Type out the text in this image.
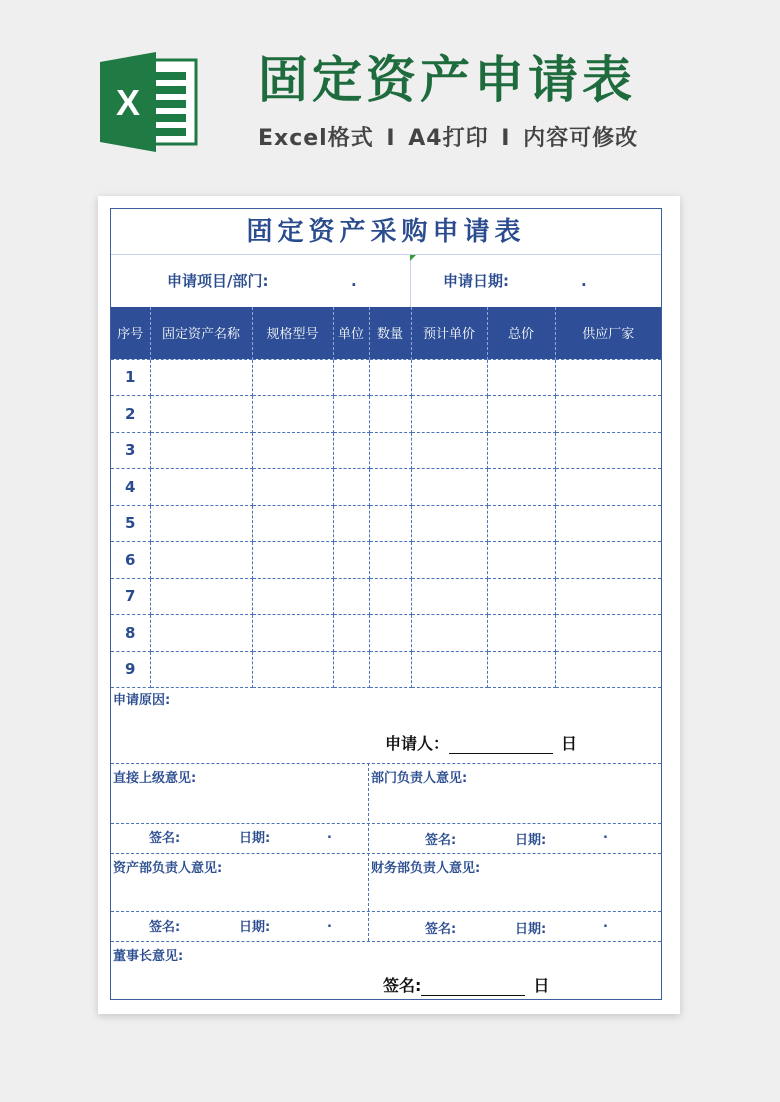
X 固定资产申请表
Excel格式 I A4打印 I 内容可修改
固定资产采购申请表
申请项目/部门:	.	申请日期:	.
序号	固定资产名称	规格型号	单位	数量	预计单价	总价	供应厂家
1							
2							
3							
4							
5							
6							
7							
8							
9							
申请原因:
申请人：	日
直接上级意见:	部门负责人意见:
签名:	日期:	.	签名:	日期:	.
资产部负责人意见:	财务部负责人意见:
签名:	日期:	.	签名:	日期:	.
董事长意见:
签名:	日
